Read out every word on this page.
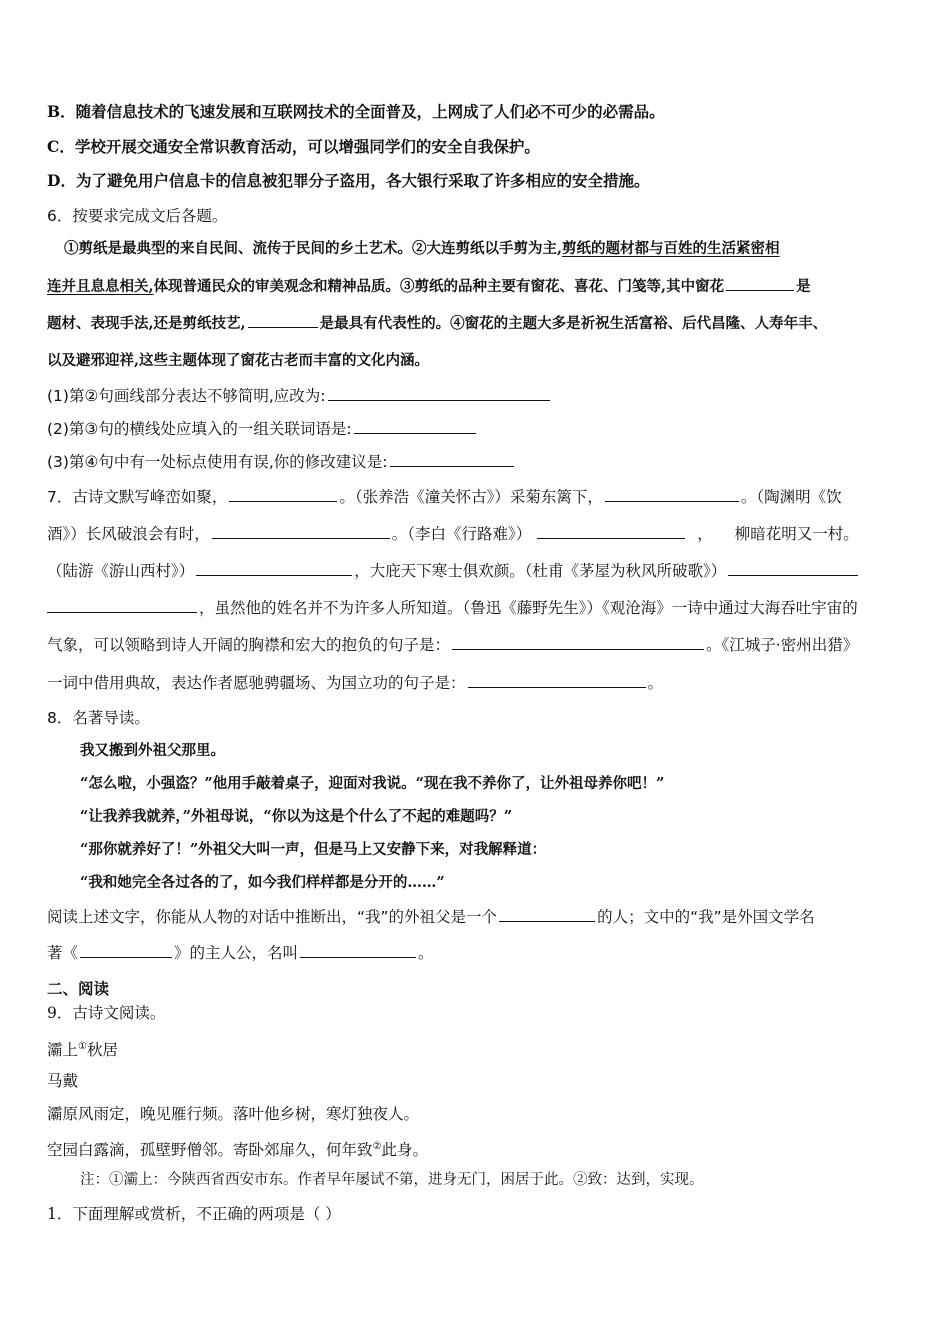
B．随着信息技术的飞速发展和互联网技术的全面普及，上网成了人们必不可少的必需品。
C．学校开展交通安全常识教育活动，可以增强同学们的安全自我保护。
D．为了避免用户信息卡的信息被犯罪分子盗用，各大银行采取了许多相应的安全措施。
6．按要求完成文后各题。
①剪纸是最典型的来自民间、流传于民间的乡土艺术。②大连剪纸以手剪为主,剪纸的题材都与百姓的生活紧密相
连并且息息相关,体现普通民众的审美观念和精神品质。③剪纸的品种主要有窗花、喜花、门笺等,其中窗花	是
题材、表现手法,还是剪纸技艺,	是最具有代表性的。④窗花的主题大多是祈祝生活富裕、后代昌隆、人寿年丰、
以及避邪迎祥,这些主题体现了窗花古老而丰富的文化内涵。
(1)第②句画线部分表达不够简明,应改为:
(2)第③句的横线处应填入的一组关联词语是:
(3)第④句中有一处标点使用有误,你的修改建议是:
7．古诗文默写峰峦如聚，	。（张养浩《潼关怀古》）采菊东篱下，	。（陶渊明《饮
酒》）长风破浪会有时，	。（李白《行路难》）	， 柳暗花明又一村。
（陆游《游山西村》）	，大庇天下寒士俱欢颜。（杜甫《茅屋为秋风所破歌》）
，虽然他的姓名并不为许多人所知道。（鲁迅《藤野先生》）《观沧海》一诗中通过大海吞吐宇宙的
气象，可以领略到诗人开阔的胸襟和宏大的抱负的句子是：	。《江城子·密州出猎》
一词中借用典故，表达作者愿驰骋疆场、为国立功的句子是：	。
8．名著导读。
我又搬到外祖父那里。
“怎么啦，小强盗？”他用手敲着桌子，迎面对我说。“现在我不养你了，让外祖母养你吧！”
“让我养我就养，”外祖母说，“你以为这是个什么了不起的难题吗？”
“那你就养好了！”外祖父大叫一声，但是马上又安静下来，对我解释道：
“我和她完全各过各的了，如今我们样样都是分开的……”
阅读上述文字，你能从人物的对话中推断出，“我”的外祖父是一个	的人；文中的“我”是外国文学名
著《	》的主人公，名叫	。
二、阅读
9．古诗文阅读。
灞上①秋居
马戴
灞原风雨定，晚见雁行频。落叶他乡树，寒灯独夜人。
空园白露滴，孤壁野僧邻。寄卧郊扉久，何年致②此身。
注：①灞上：今陕西省西安市东。作者早年屡试不第，进身无门，困居于此。②致：达到，实现。
1．下面理解或赏析，不正确的两项是（ ）
